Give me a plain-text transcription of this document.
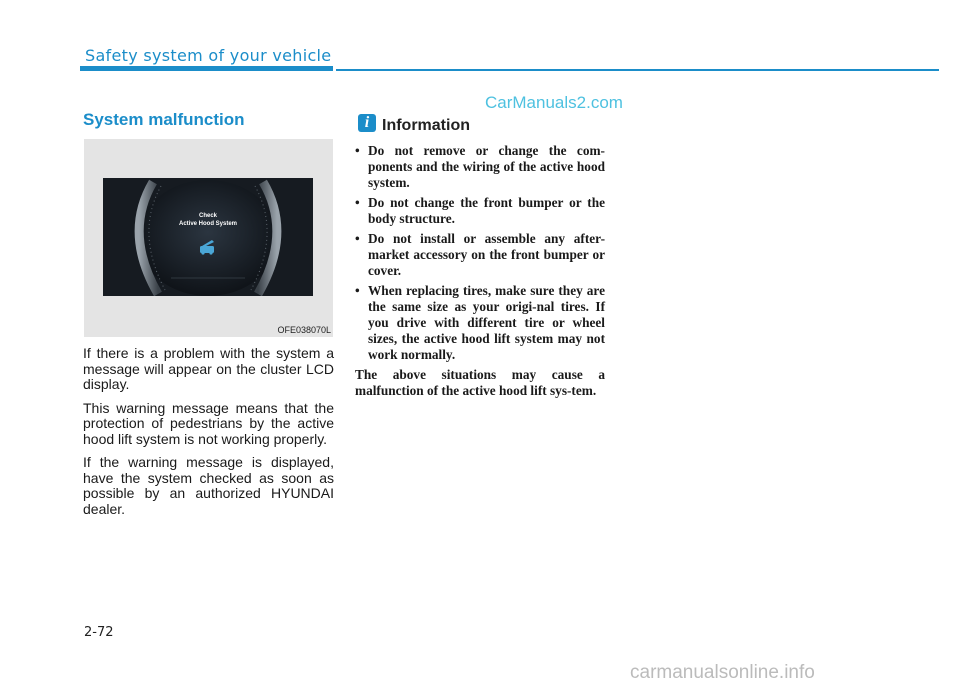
Safety system of your vehicle
CarManuals2.com
System malfunction
Check
Active Hood System
OFE038070L

If there is a problem with the system a message will appear on the cluster LCD display.

This warning message means that the protection of pedestrians by the active hood lift system is not working properly.

If the warning message is displayed, have the system checked as soon as possible by an authorized HYUNDAI dealer.

i Information
• Do not remove or change the com-ponents and the wiring of the active hood system.
• Do not change the front bumper or the body structure.
• Do not install or assemble any after-market accessory on the front bumper or cover.
• When replacing tires, make sure they are the same size as your origi-nal tires. If you drive with different tire or wheel sizes, the active hood lift system may not work normally.

The above situations may cause a malfunction of the active hood lift sys-tem.

2-72
carmanualsonline.info
